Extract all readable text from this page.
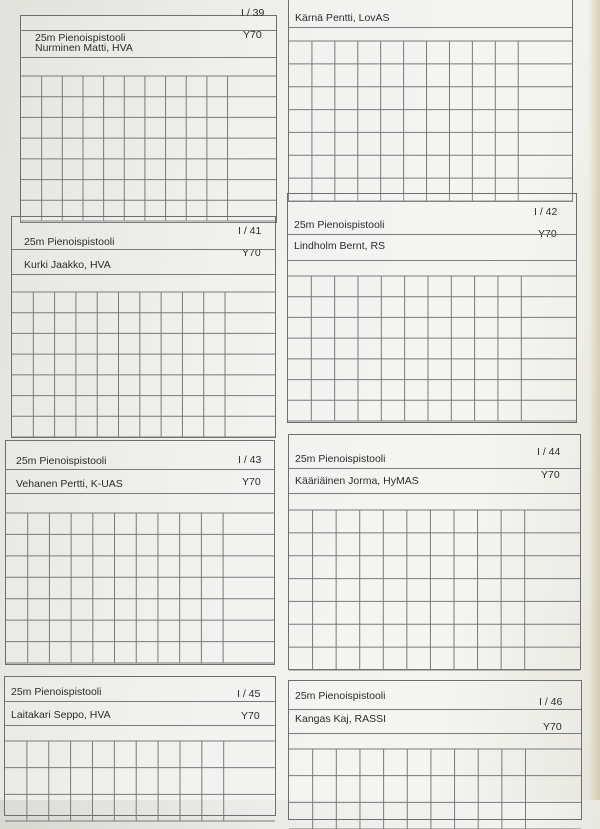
25m Pienoispistooli
I / 39
Y70
Nurminen Matti, HVA
Kärnä Pentti, LovAS
25m Pienoispistooli
I / 41
Y70
Kurki Jaakko, HVA
25m Pienoispistooli
I / 42
Y70
Lindholm Bernt, RS
25m Pienoispistooli	I / 43
Y70
Vehanen Pertti, K-UAS
25m Pienoispistooli
I / 44
Y70
Kääriäinen Jorma, HyMAS
25m Pienoispistooli	I / 45
Y70
Laitakari Seppo, HVA
25m Pienoispistooli	I / 46
Y70
Kangas Kaj, RASSI
